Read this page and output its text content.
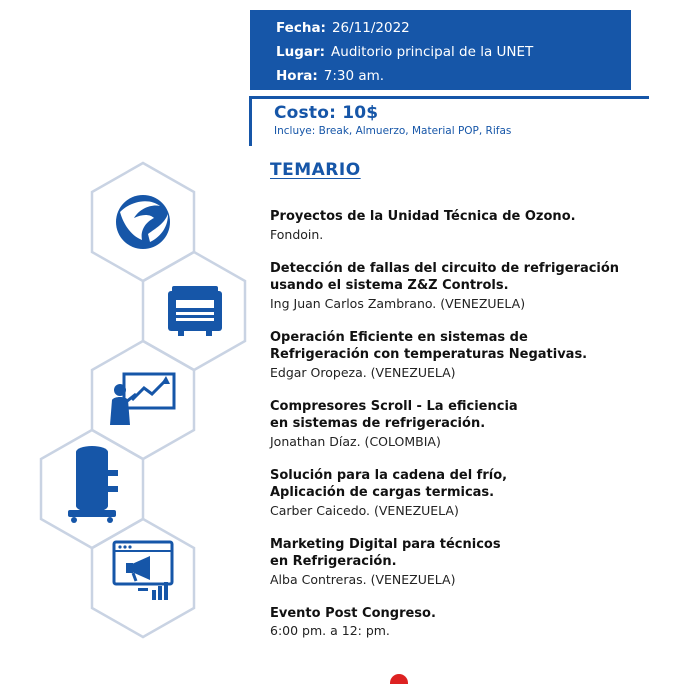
Fecha: 26/11/2022
Lugar: Auditorio principal de la UNET
Hora: 7:30 am.
Costo: 10$
Incluye: Break, Almuerzo, Material POP, Rifas
TEMARIO
Proyectos de la Unidad Técnica de Ozono.
Fondoin.
Detección de fallas del circuito de refrigeración
usando el sistema Z&Z Controls.
Ing Juan Carlos Zambrano. (VENEZUELA)
Operación Eficiente en sistemas de
Refrigeración con temperaturas Negativas.
Edgar Oropeza. (VENEZUELA)
Compresores Scroll - La eficiencia
en sistemas de refrigeración.
Jonathan Díaz. (COLOMBIA)
Solución para la cadena del frío,
Aplicación de cargas termicas.
Carber Caicedo. (VENEZUELA)
Marketing Digital para técnicos
en Refrigeración.
Alba Contreras. (VENEZUELA)
Evento Post Congreso.
6:00 pm. a 12: pm.
